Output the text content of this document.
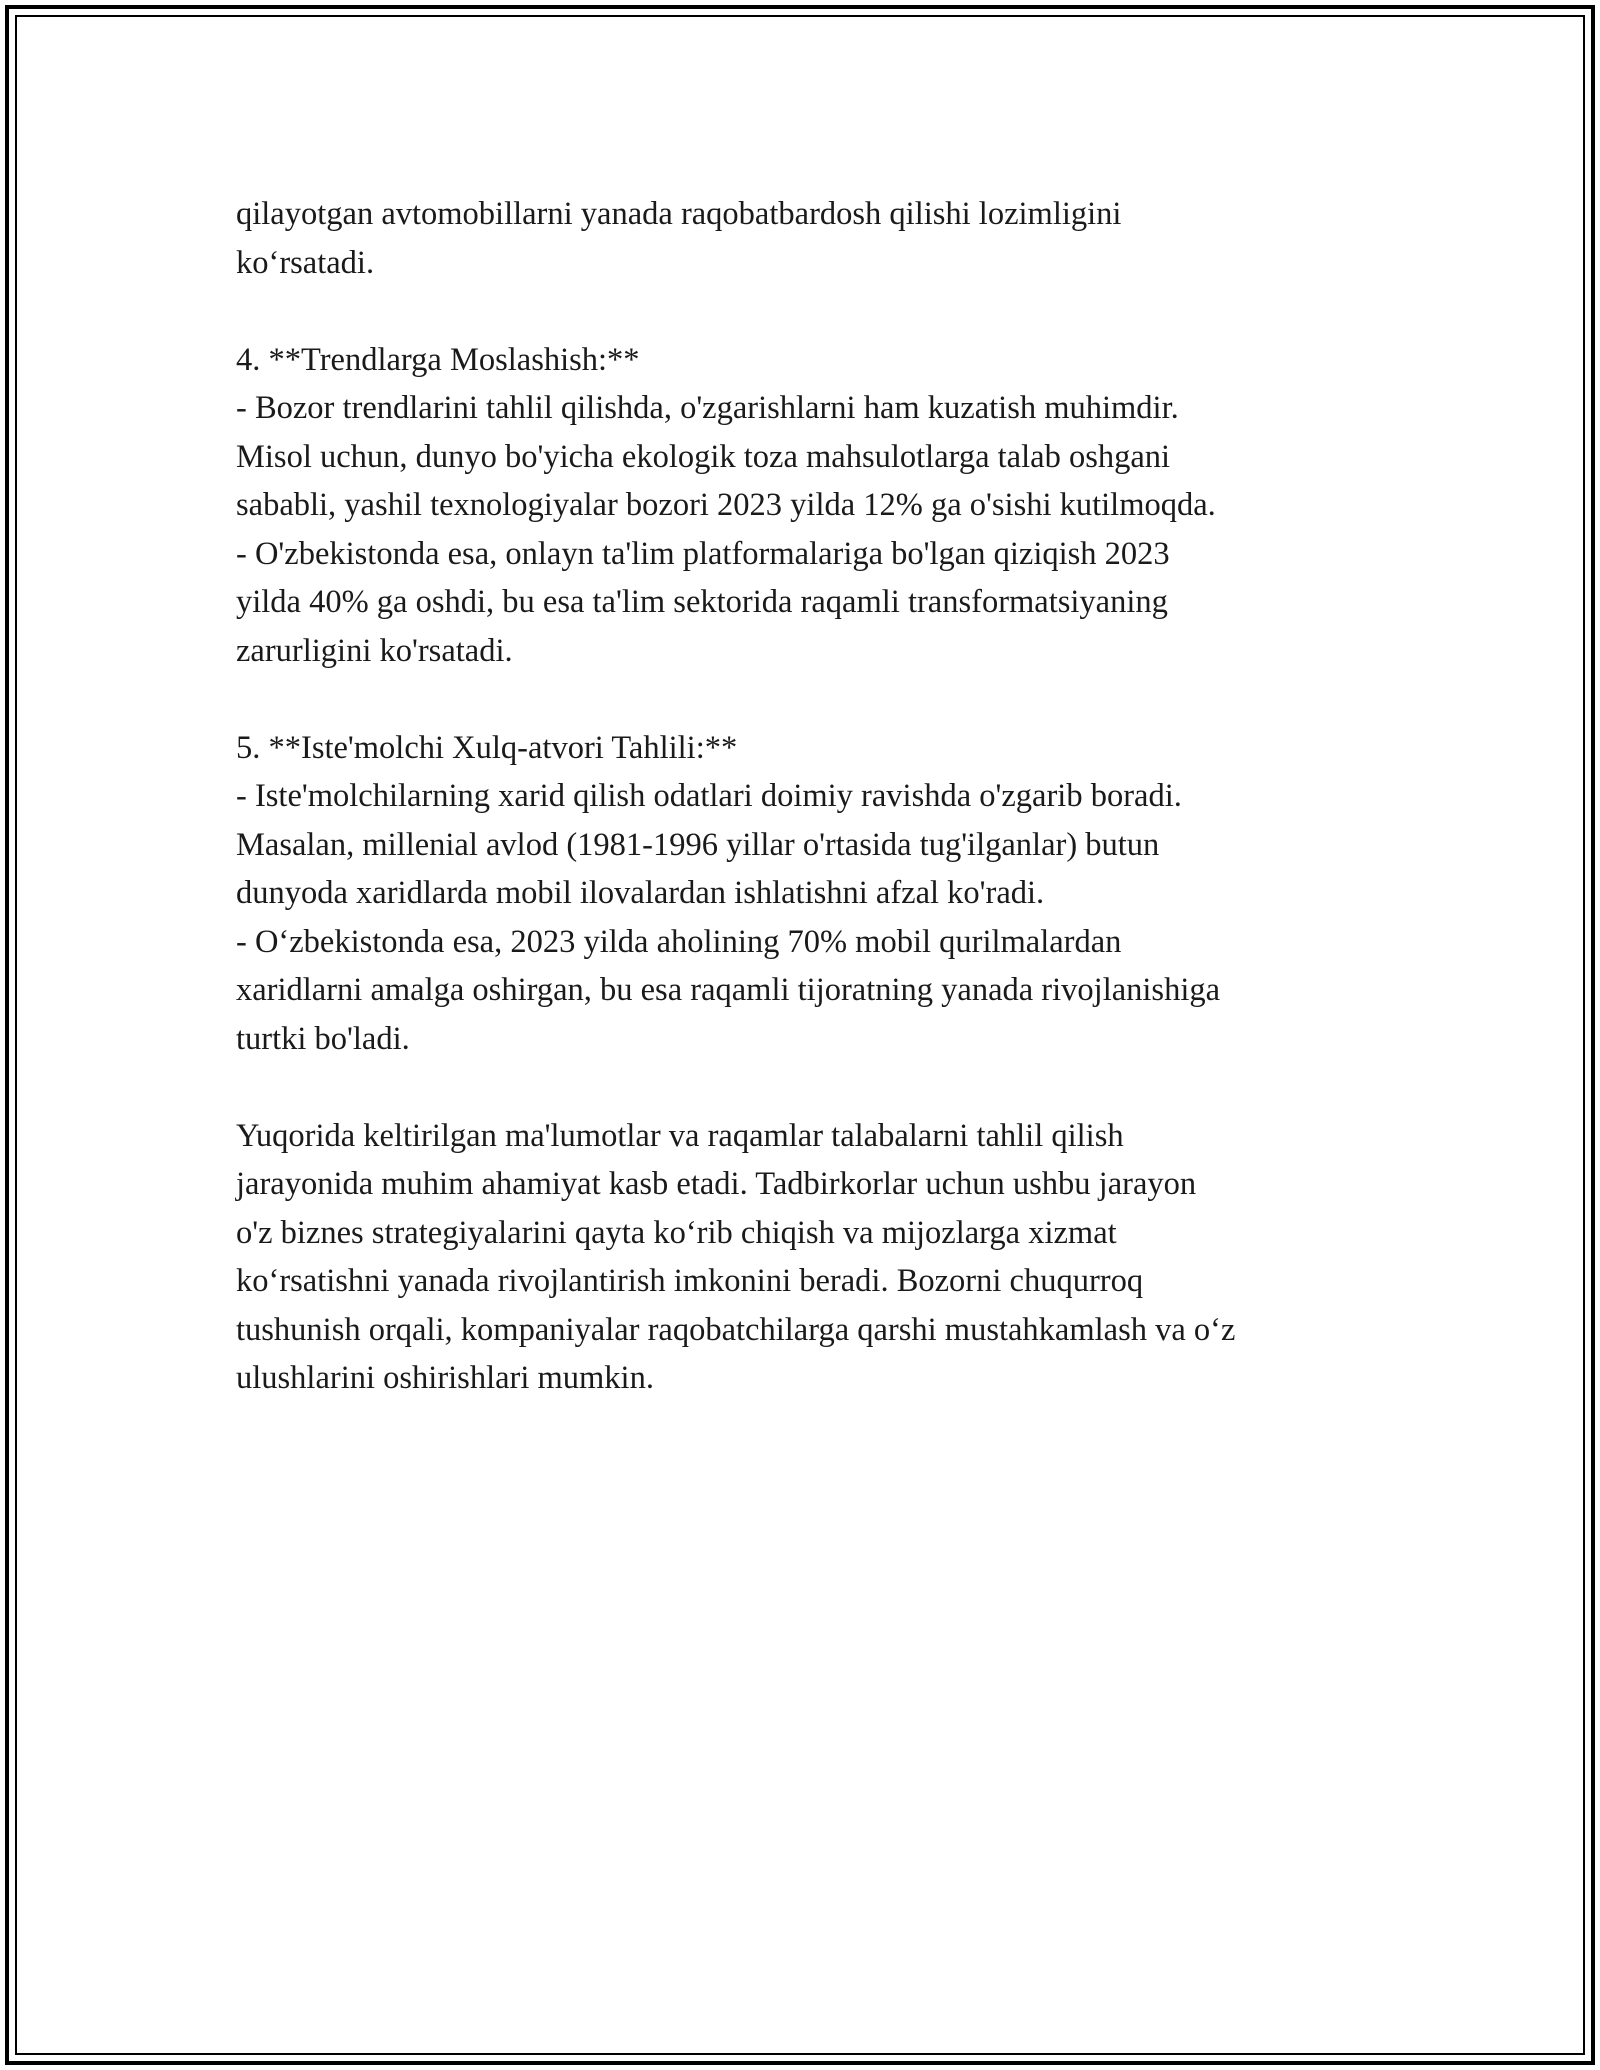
qilayotgan avtomobillarni yanada raqobatbardosh qilishi lozimligini
koʻrsatadi.

4. **Trendlarga Moslashish:**
- Bozor trendlarini tahlil qilishda, o'zgarishlarni ham kuzatish muhimdir.
Misol uchun, dunyo bo'yicha ekologik toza mahsulotlarga talab oshgani
sababli, yashil texnologiyalar bozori 2023 yilda 12% ga o'sishi kutilmoqda.
- O'zbekistonda esa, onlayn ta'lim platformalariga bo'lgan qiziqish 2023
yilda 40% ga oshdi, bu esa ta'lim sektorida raqamli transformatsiyaning
zarurligini ko'rsatadi.

5. **Iste'molchi Xulq-atvori Tahlili:**
- Iste'molchilarning xarid qilish odatlari doimiy ravishda o'zgarib boradi.
Masalan, millenial avlod (1981-1996 yillar o'rtasida tug'ilganlar) butun
dunyoda xaridlarda mobil ilovalardan ishlatishni afzal ko'radi.
- Oʻzbekistonda esa, 2023 yilda aholining 70% mobil qurilmalardan
xaridlarni amalga oshirgan, bu esa raqamli tijoratning yanada rivojlanishiga
turtki bo'ladi.

Yuqorida keltirilgan ma'lumotlar va raqamlar talabalarni tahlil qilish
jarayonida muhim ahamiyat kasb etadi. Tadbirkorlar uchun ushbu jarayon
o'z biznes strategiyalarini qayta koʻrib chiqish va mijozlarga xizmat
koʻrsatishni yanada rivojlantirish imkonini beradi. Bozorni chuqurroq
tushunish orqali, kompaniyalar raqobatchilarga qarshi mustahkamlash va oʻz
ulushlarini oshirishlari mumkin.
